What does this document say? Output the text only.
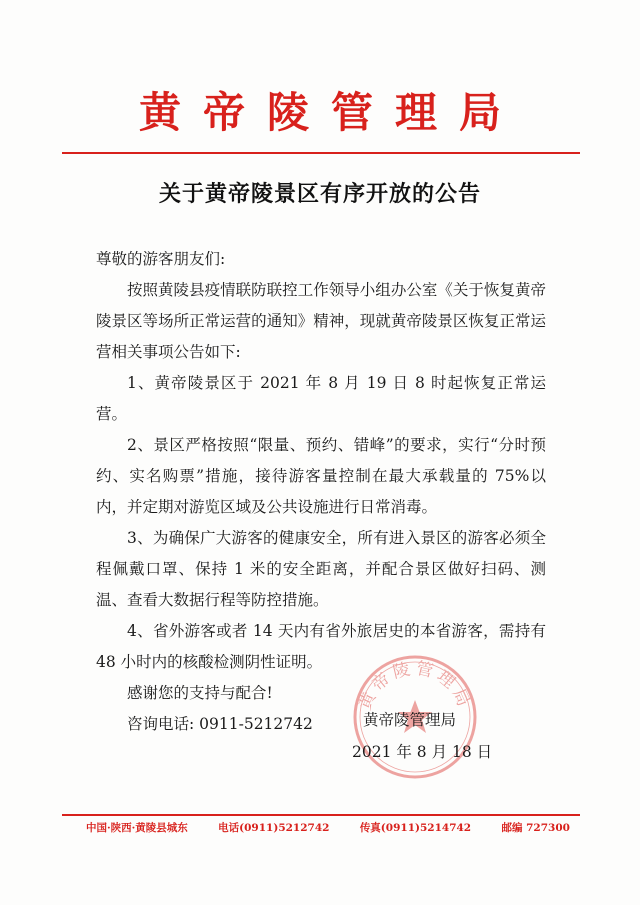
黄帝陵管理局
关于黄帝陵景区有序开放的公告

尊敬的游客朋友们:

按照黄陵县疫情联防联控工作领导小组办公室《关于恢复黄帝陵景区等场所正常运营的通知》精神，现就黄帝陵景区恢复正常运营相关事项公告如下:

1、黄帝陵景区于 2021 年 8 月 19 日 8 时起恢复正常运营。

2、景区严格按照“限量、预约、错峰”的要求，实行“分时预约、实名购票”措施，接待游客量控制在最大承载量的 75%以内，并定期对游览区域及公共设施进行日常消毒。

3、为确保广大游客的健康安全，所有进入景区的游客必须全程佩戴口罩、保持 1 米的安全距离，并配合景区做好扫码、测温、查看大数据行程等防控措施。

4、省外游客或者 14 天内有省外旅居史的本省游客，需持有 48 小时内的核酸检测阴性证明。

感谢您的支持与配合!

咨询电话: 0911-5212742

黄帝陵管理局
黄帝陵管理局
2021 年 8 月 18 日
中国·陕西·黄陵县城东	电话(0911)5212742	传真(0911)5214742	邮编 727300
